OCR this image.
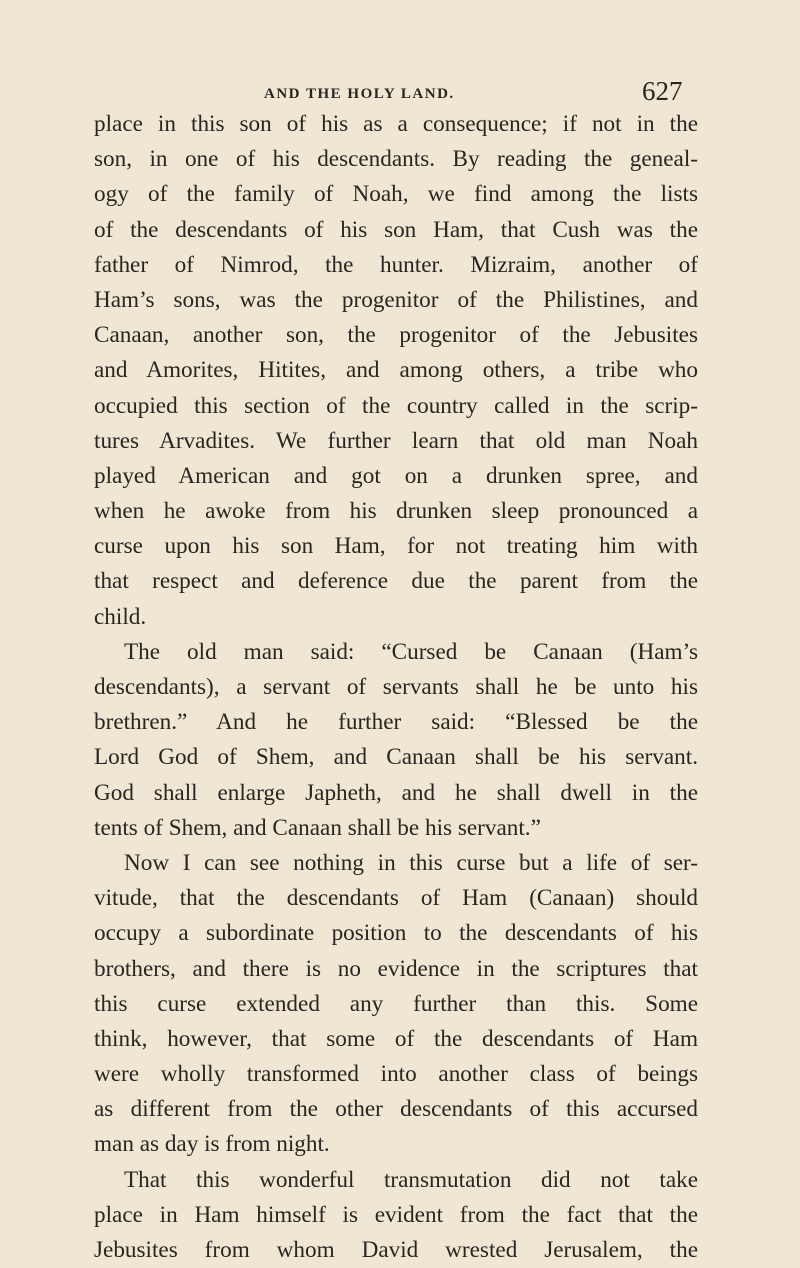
AND THE HOLY LAND.	627
place in this son of his as a consequence; if not in the
son, in one of his descendants. By reading the geneal-
ogy of the family of Noah, we find among the lists
of the descendants of his son Ham, that Cush was the
father of Nimrod, the hunter. Mizraim, another of
Ham’s sons, was the progenitor of the Philistines, and
Canaan, another son, the progenitor of the Jebusites
and Amorites, Hitites, and among others, a tribe who
occupied this section of the country called in the scrip-
tures Arvadites. We further learn that old man Noah
played American and got on a drunken spree, and
when he awoke from his drunken sleep pronounced a
curse upon his son Ham, for not treating him with
that respect and deference due the parent from the
child.
The old man said: “Cursed be Canaan (Ham’s
descendants), a servant of servants shall he be unto his
brethren.” And he further said: “Blessed be the
Lord God of Shem, and Canaan shall be his servant.
God shall enlarge Japheth, and he shall dwell in the
tents of Shem, and Canaan shall be his servant.”
Now I can see nothing in this curse but a life of ser-
vitude, that the descendants of Ham (Canaan) should
occupy a subordinate position to the descendants of his
brothers, and there is no evidence in the scriptures that
this curse extended any further than this. Some
think, however, that some of the descendants of Ham
were wholly transformed into another class of beings
as different from the other descendants of this accursed
man as day is from night.
That this wonderful transmutation did not take
place in Ham himself is evident from the fact that the
Jebusites from whom David wrested Jerusalem, the
